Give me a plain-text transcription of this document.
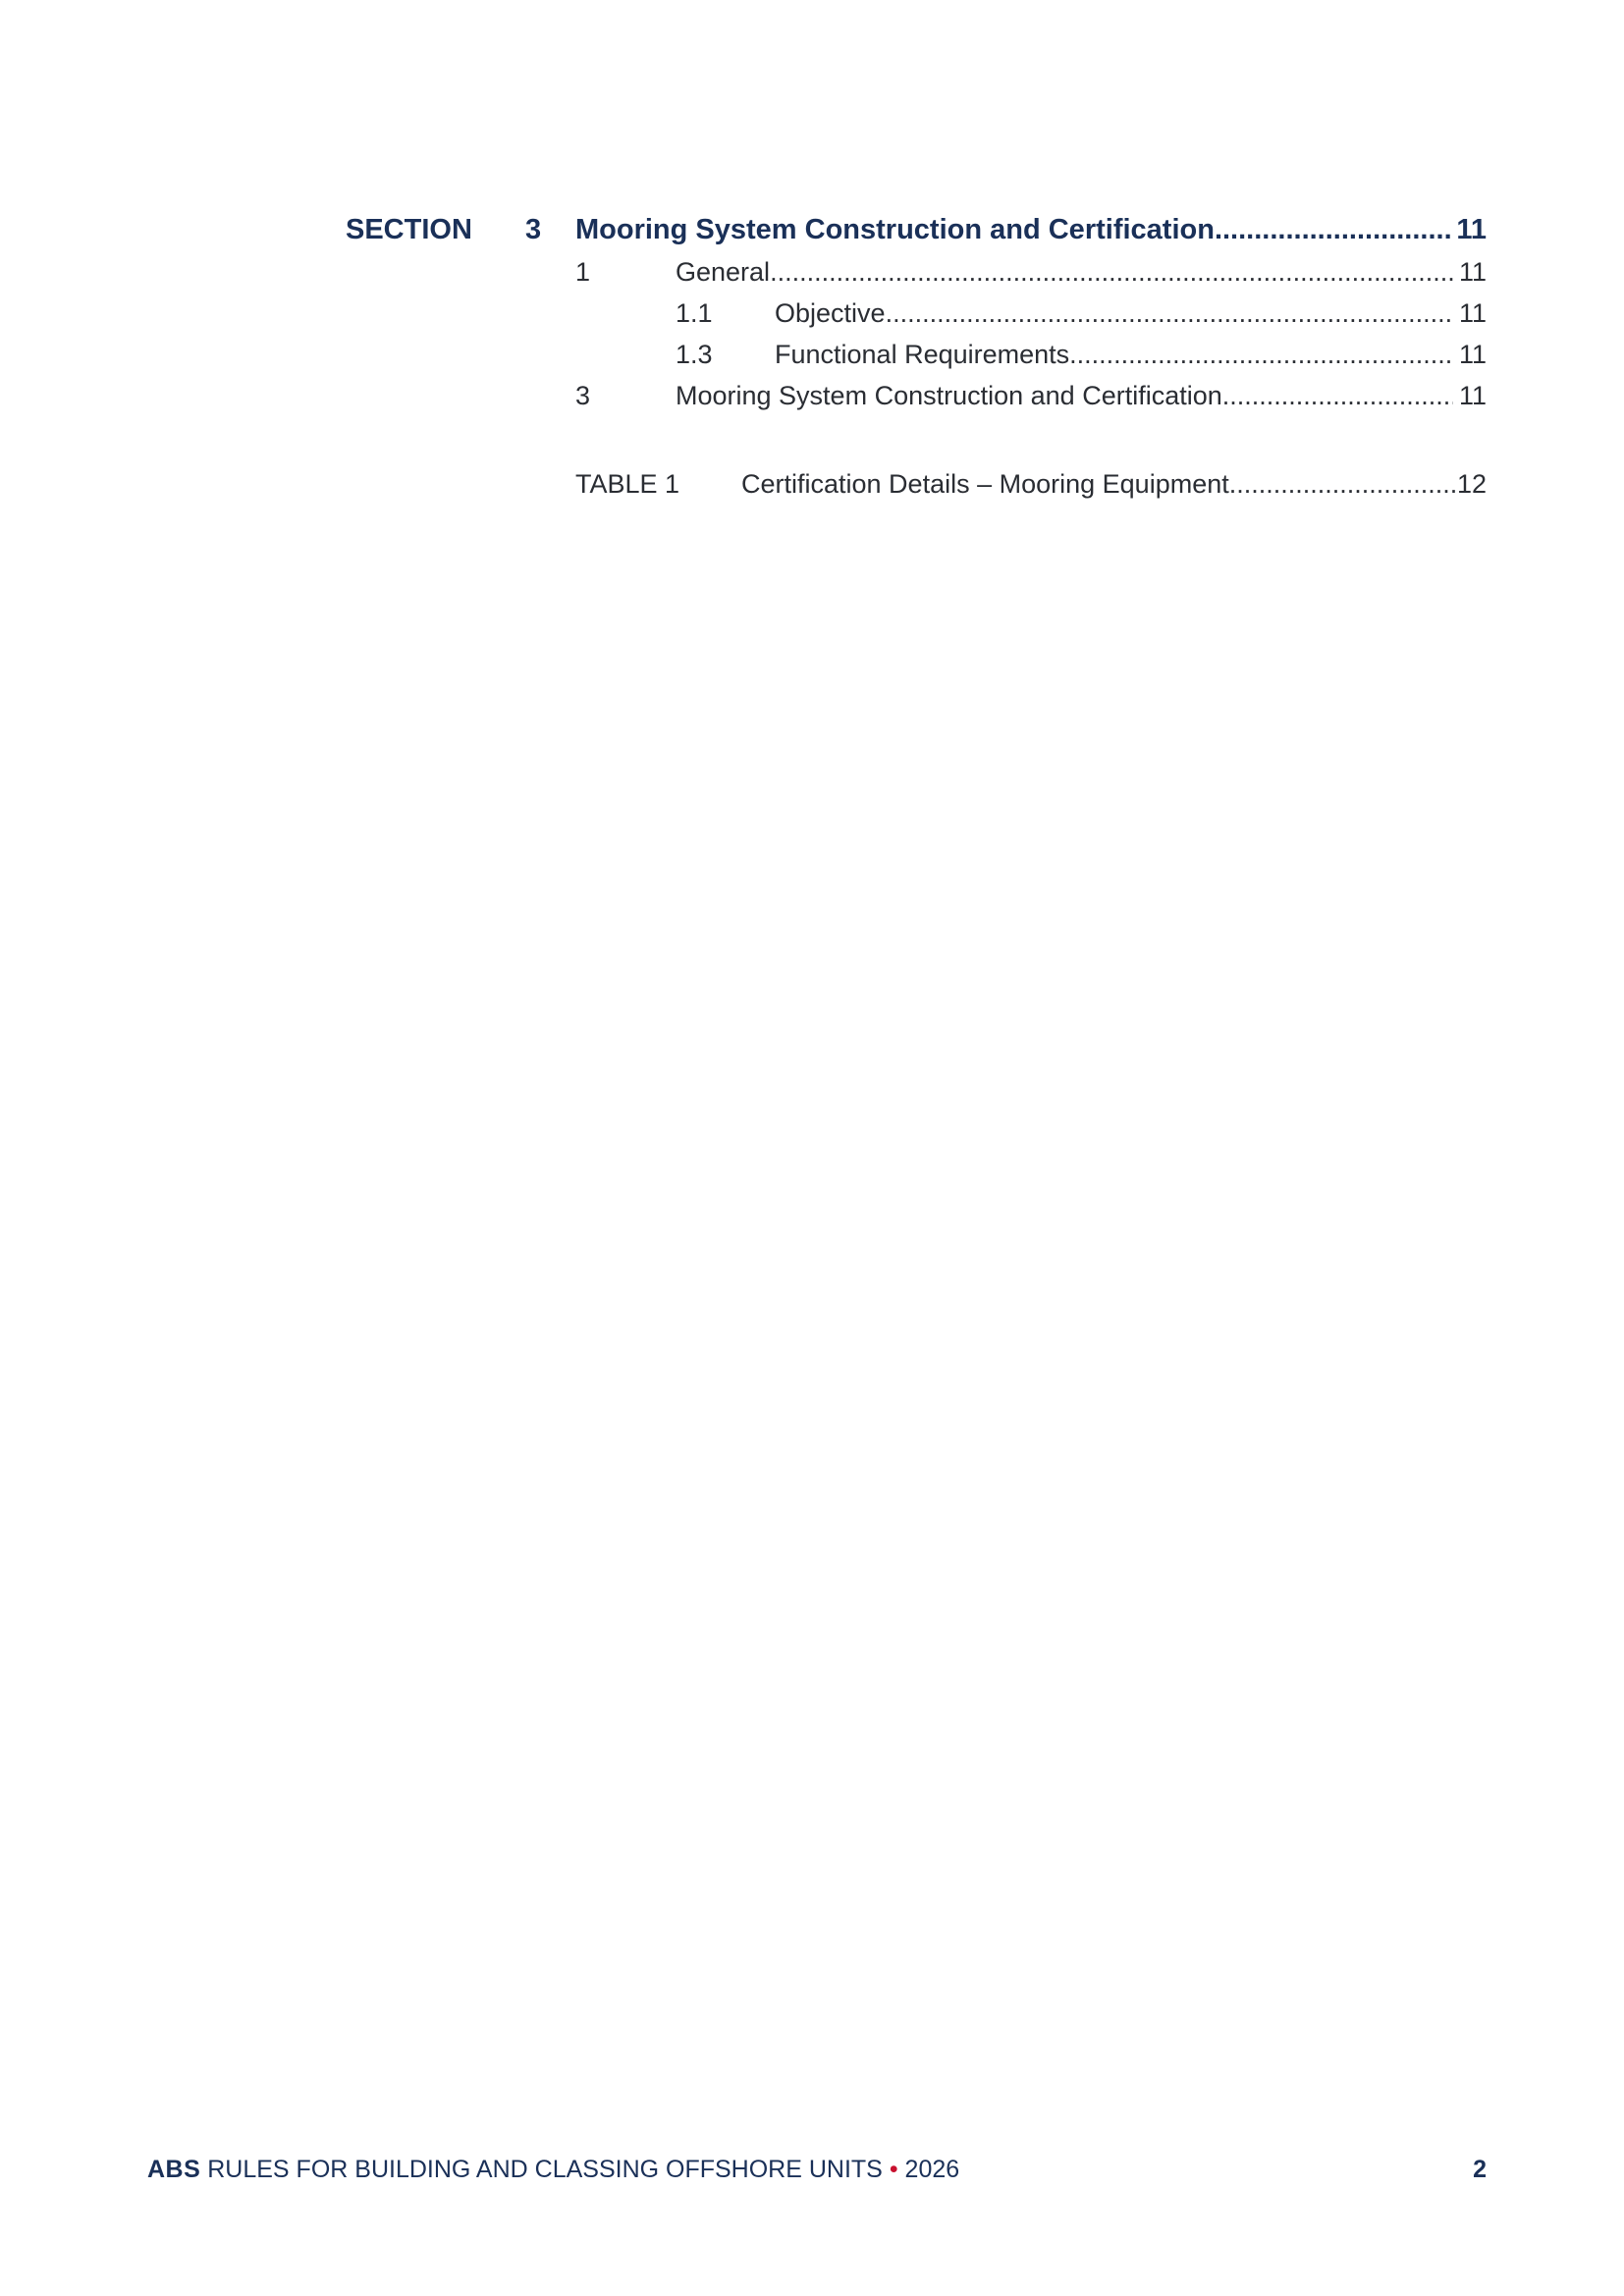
SECTION	3	Mooring System Construction and Certification .....	11
1	General .....	11
1.1	Objective .....	11
1.3	Functional Requirements .....	11
3	Mooring System Construction and Certification .....	11
TABLE 1	Certification Details – Mooring Equipment .....	12
ABS RULES FOR BUILDING AND CLASSING OFFSHORE UNITS • 2026	2
